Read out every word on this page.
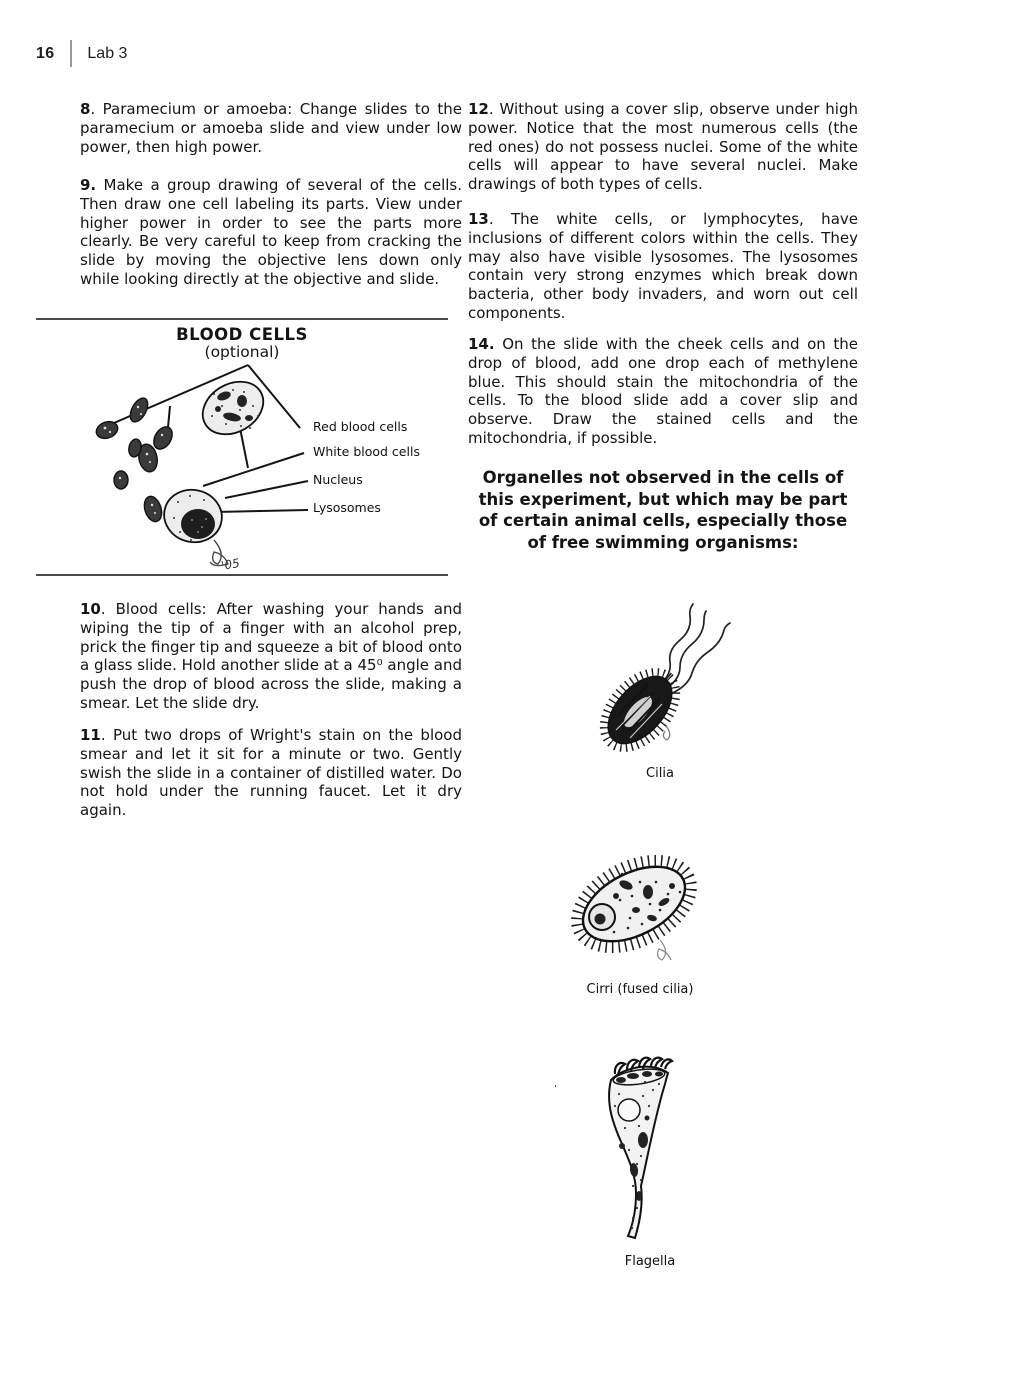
16 Lab 3

8. Paramecium or amoeba: Change slides to the paramecium or amoeba slide and view under low power, then high power.

9. Make a group drawing of several of the cells. Then draw one cell labeling its parts. View under higher power in order to see the parts more clearly. Be very careful to keep from cracking the slide by moving the objective lens down only while looking directly at the objective and slide.

BLOOD CELLS
(optional)
'05
Red blood cells
White blood cells
Nucleus
Lysosomes

10. Blood cells: After washing your hands and wiping the tip of a finger with an alcohol prep, prick the finger tip and squeeze a bit of blood onto a glass slide. Hold another slide at a 45⁰ angle and push the drop of blood across the slide, making a smear. Let the slide dry.

11. Put two drops of Wright's stain on the blood smear and let it sit for a minute or two. Gently swish the slide in a container of distilled water. Do not hold under the running faucet. Let it dry again.

12. Without using a cover slip, observe under high power. Notice that the most numerous cells (the red ones) do not possess nuclei. Some of the white cells will appear to have several nuclei. Make drawings of both types of cells.

13. The white cells, or lymphocytes, have inclusions of different colors within the cells. They may also have visible lysosomes. The lysosomes contain very strong enzymes which break down bacteria, other body invaders, and worn out cell components.

14. On the slide with the cheek cells and on the drop of blood, add one drop each of methylene blue. This should stain the mitochondria of the cells. To the blood slide add a cover slip and observe. Draw the stained cells and the mitochondria, if possible.

Organelles not observed in the cells of this experiment, but which may be part of certain animal cells, especially those of free swimming organisms:
Cilia
Cirri (fused cilia)
Flagella
